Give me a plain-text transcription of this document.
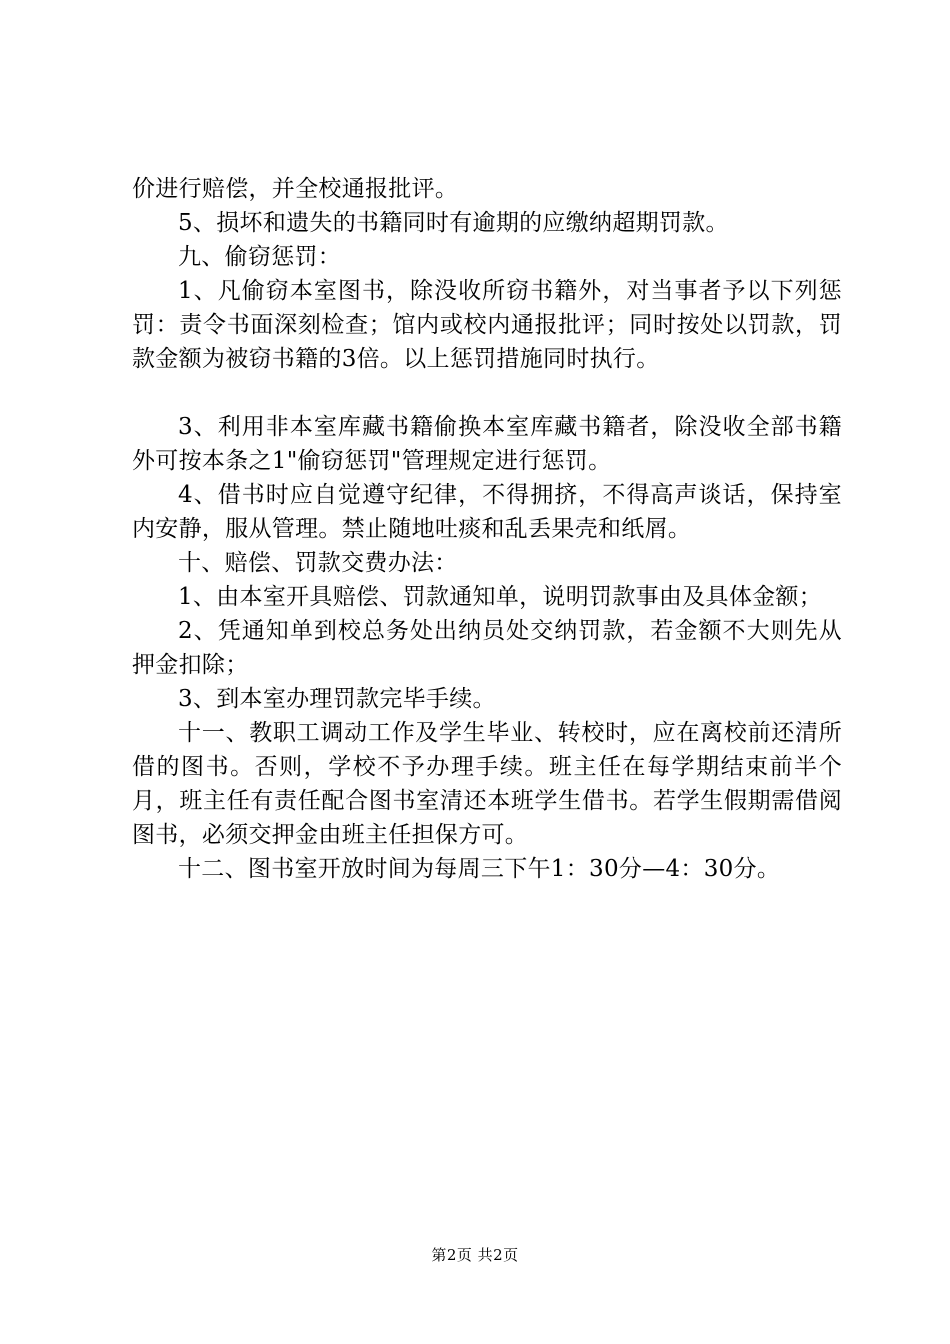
价进行赔偿，并全校通报批评。

5、损坏和遗失的书籍同时有逾期的应缴纳超期罚款。

九、偷窃惩罚：

1、凡偷窃本室图书，除没收所窃书籍外，对当事者予以下列惩罚：责令书面深刻检查；馆内或校内通报批评；同时按处以罚款，罚款金额为被窃书籍的3倍。以上惩罚措施同时执行。

3、利用非本室库藏书籍偷换本室库藏书籍者，除没收全部书籍外可按本条之1"偷窃惩罚"管理规定进行惩罚。

4、借书时应自觉遵守纪律，不得拥挤，不得高声谈话，保持室内安静，服从管理。禁止随地吐痰和乱丢果壳和纸屑。

十、赔偿、罚款交费办法：

1、由本室开具赔偿、罚款通知单，说明罚款事由及具体金额；

2、凭通知单到校总务处出纳员处交纳罚款，若金额不大则先从押金扣除；

3、到本室办理罚款完毕手续。

十一、教职工调动工作及学生毕业、转校时，应在离校前还清所借的图书。否则，学校不予办理手续。班主任在每学期结束前半个月，班主任有责任配合图书室清还本班学生借书。若学生假期需借阅图书，必须交押金由班主任担保方可。

十二、图书室开放时间为每周三下午1：30分—4：30分。

第2页 共2页
